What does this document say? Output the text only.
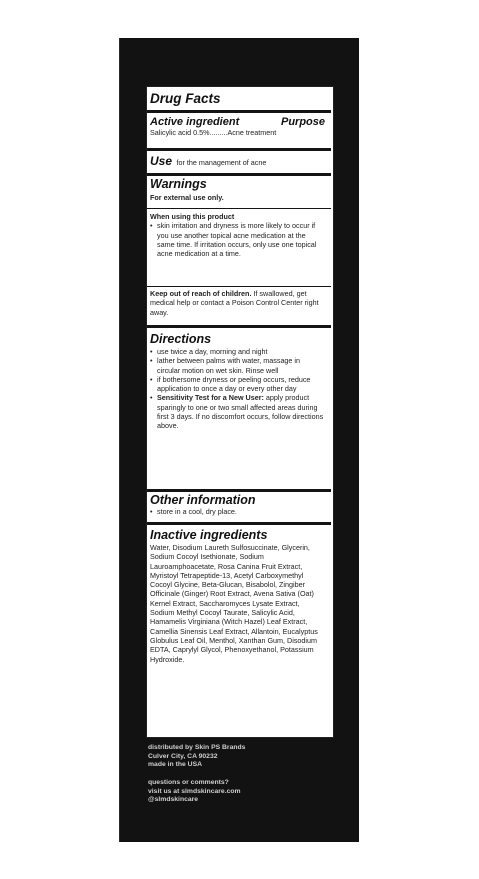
Drug Facts
Active ingredient	Purpose
Salicylic acid 0.5%.........Acne treatment
Use for the management of acne
Warnings
For external use only.
When using this product
• skin irritation and dryness is more likely to occur if you use another topical acne medication at the same time. If irritation occurs, only use one topical acne medication at a time.
Keep out of reach of children. If swallowed, get medical help or contact a Poison Control Center right away.
Directions
• use twice a day, morning and night
• lather between palms with water, massage in circular motion on wet skin. Rinse well
• if bothersome dryness or peeling occurs, reduce application to once a day or every other day
• Sensitivity Test for a New User: apply product sparingly to one or two small affected areas during first 3 days. If no discomfort occurs, follow directions above.
Other information
• store in a cool, dry place.
Inactive ingredients
Water, Disodium Laureth Sulfosuccinate, Glycerin, Sodium Cocoyl Isethionate, Sodium Lauroamphoacetate, Rosa Canina Fruit Extract, Myristoyl Tetrapeptide-13, Acetyl Carboxymethyl Cocoyl Glycine, Beta-Glucan, Bisabolol, Zingiber Officinale (Ginger) Root Extract, Avena Sativa (Oat) Kernel Extract, Saccharomyces Lysate Extract, Sodium Methyl Cocoyl Taurate, Salicylic Acid, Hamamelis Virginiana (Witch Hazel) Leaf Extract, Camellia Sinensis Leaf Extract, Allantoin, Eucalyptus Globulus Leaf Oil, Menthol, Xanthan Gum, Disodium EDTA, Caprylyl Glycol, Phenoxyethanol, Potassium Hydroxide.
distributed by Skin PS Brands
Culver City, CA 90232
made in the USA
questions or comments?
visit us at slmdskincare.com
@slmdskincare
